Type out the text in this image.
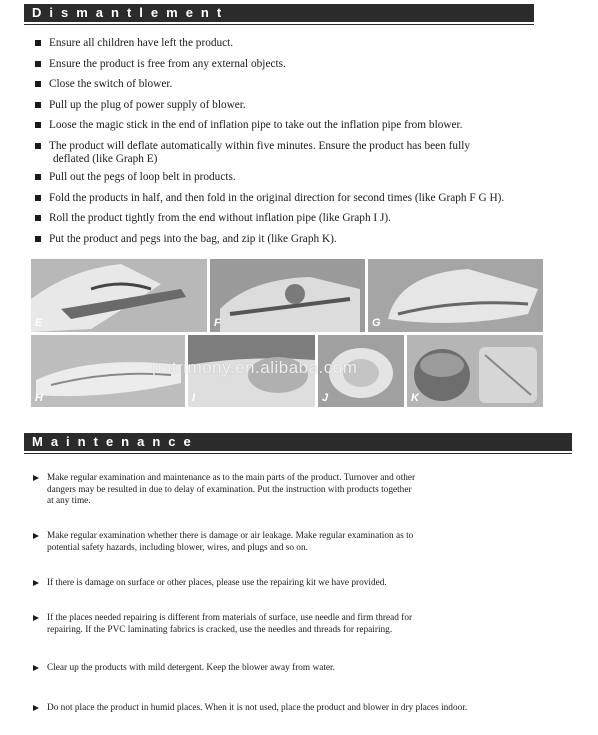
Dismantlement
Ensure all children have left the product.
Ensure the product is free from any external objects.
Close the switch of blower.
Pull up the plug of power supply of blower.
Loose the magic stick in the end of inflation pipe to take out the inflation pipe from blower.
The product will deflate automatically within five minutes. Ensure the product has been fully
deflated (like Graph E)
Pull out the pegs of loop belt in products.
Fold the products in half, and then fold in the original direction for second times (like Graph F G H).
Roll the product tightly from the end without inflation pipe (like Graph I J).
Put the product and pegs into the bag, and zip it (like Graph K).
E	F	G
H	I	J	K
patrimony.en.alibaba.com
Maintenance
Make regular examination and maintenance as to the main parts of the product. Turnover and other
dangers may be resulted in due to delay of examination. Put the instruction with products together
at any time.
Make regular examination whether there is damage or air leakage. Make regular examination as to
potential safety hazards, including blower, wires, and plugs and so on.
If there is damage on surface or other places, please use the repairing kit we have provided.
If the places needed repairing is different from materials of surface, use needle and firm thread for
repairing. If the PVC laminating fabrics is cracked, use the needles and threads for repairing.
Clear up the products with mild detergent. Keep the blower away from water.
Do not place the product in humid places. When it is not used, place the product and blower in dry places indoor.
